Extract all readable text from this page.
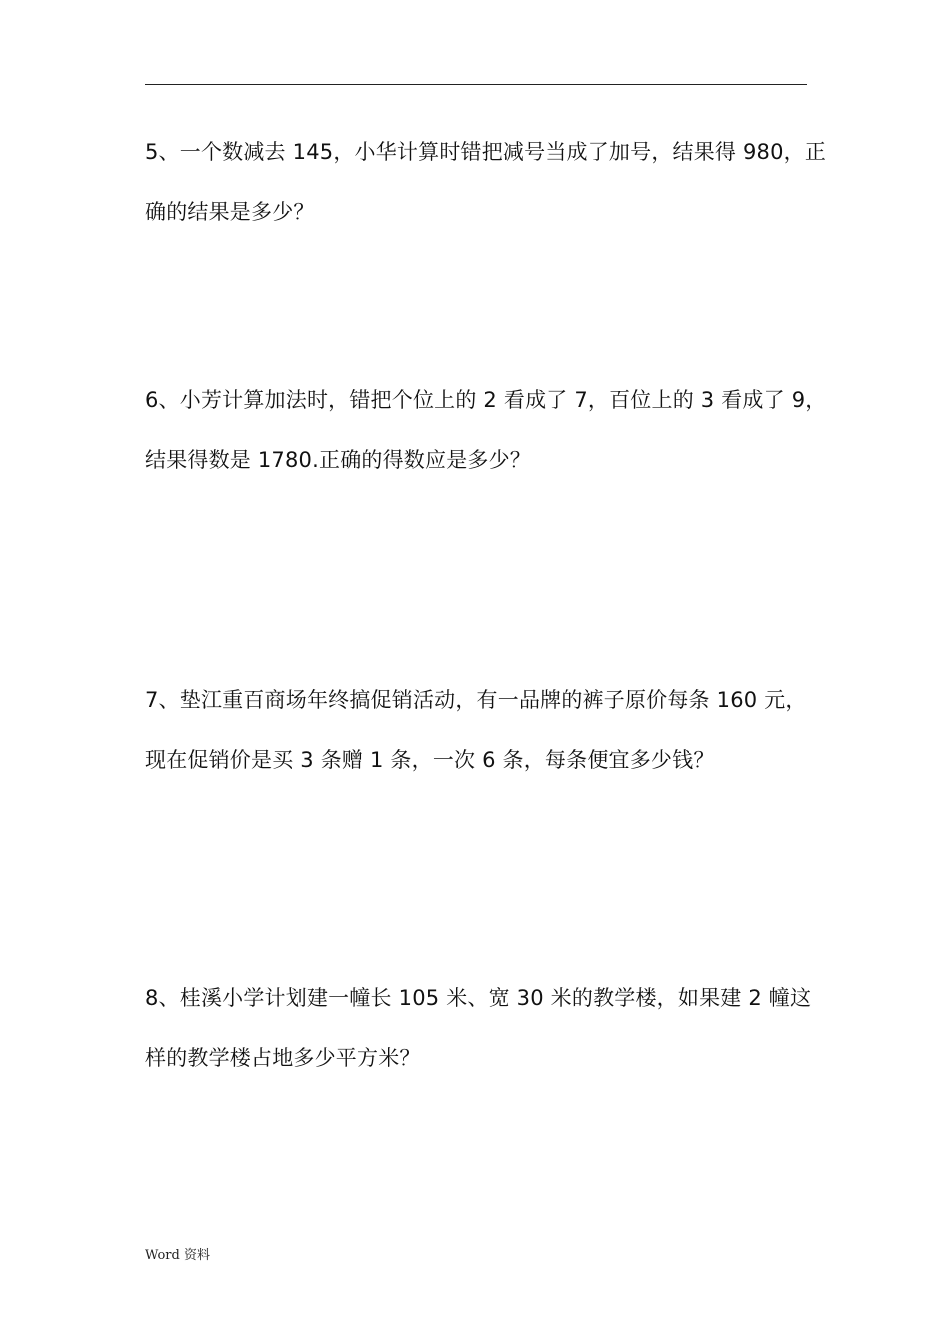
5、一个数减去 145，小华计算时错把减号当成了加号，结果得 980，正
确的结果是多少？
6、小芳计算加法时，错把个位上的 2 看成了 7，百位上的 3 看成了 9，
结果得数是 1780.正确的得数应是多少？
7、垫江重百商场年终搞促销活动，有一品牌的裤子原价每条 160 元，
现在促销价是买 3 条赠 1 条，一次 6 条，每条便宜多少钱？
8、桂溪小学计划建一幢长 105 米、宽 30 米的教学楼，如果建 2 幢这
样的教学楼占地多少平方米？
Word 资料
